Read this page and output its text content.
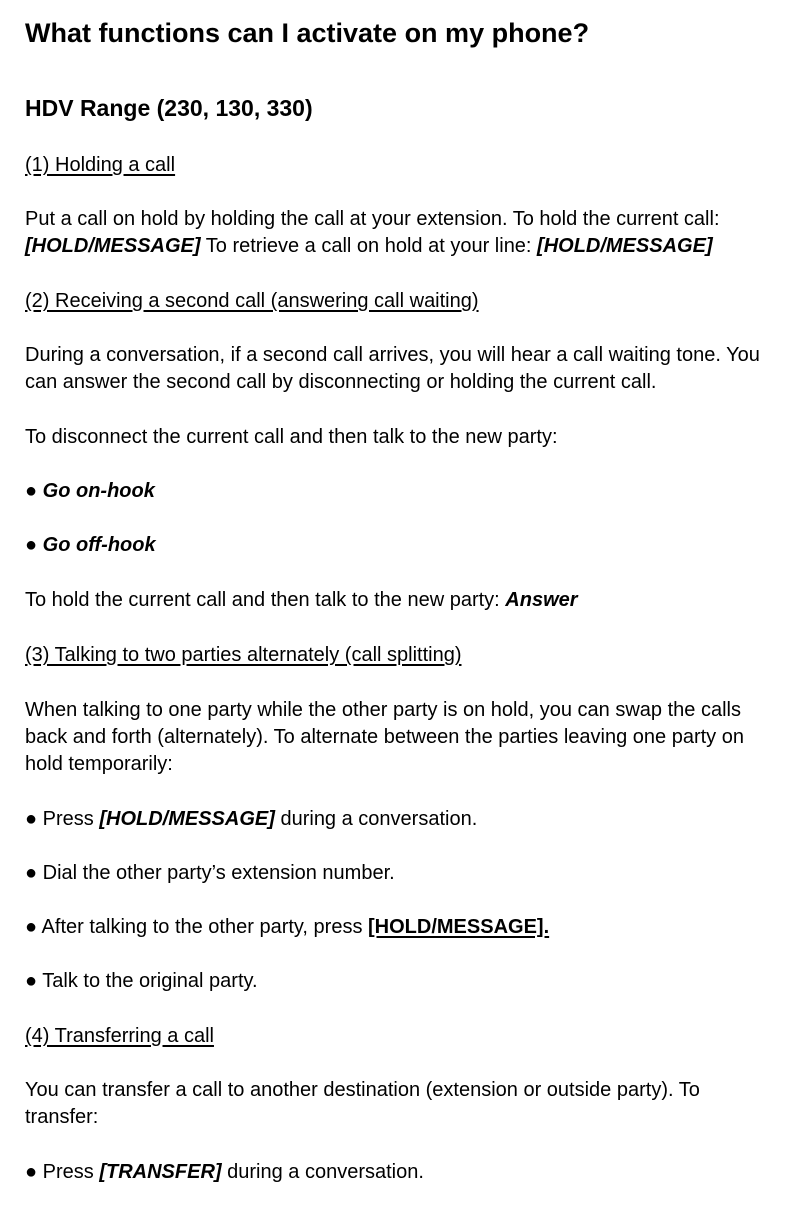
What functions can I activate on my phone?
HDV Range (230, 130, 330)
(1) Holding a call
Put a call on hold by holding the call at your extension. To hold the current call:
[HOLD/MESSAGE] To retrieve a call on hold at your line: [HOLD/MESSAGE]
(2) Receiving a second call (answering call waiting)
During a conversation, if a second call arrives, you will hear a call waiting tone. You
can answer the second call by disconnecting or holding the current call.
To disconnect the current call and then talk to the new party:
● Go on-hook
● Go off-hook
To hold the current call and then talk to the new party: Answer
(3) Talking to two parties alternately (call splitting)
When talking to one party while the other party is on hold, you can swap the calls
back and forth (alternately). To alternate between the parties leaving one party on
hold temporarily:
● Press [HOLD/MESSAGE] during a conversation.
● Dial the other party’s extension number.
● After talking to the other party, press [HOLD/MESSAGE].
● Talk to the original party.
(4) Transferring a call
You can transfer a call to another destination (extension or outside party). To
transfer:
● Press [TRANSFER] during a conversation.
